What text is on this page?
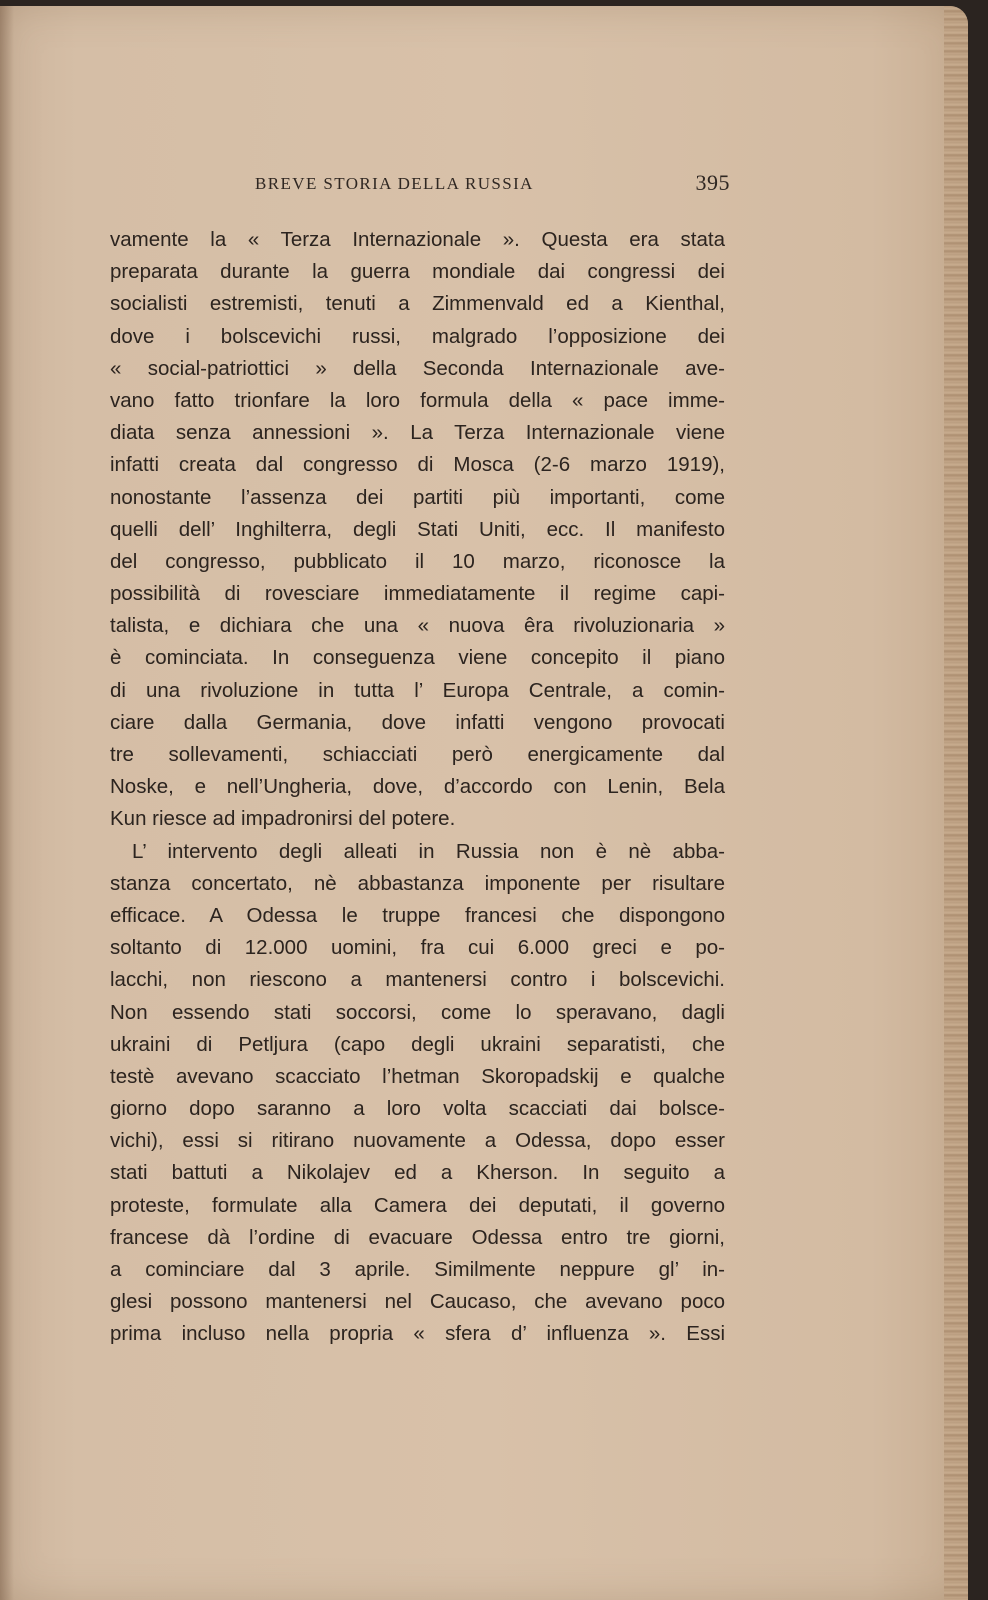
BREVE STORIA DELLA RUSSIA	395
vamente la « Terza Internazionale ». Questa era stata
preparata durante la guerra mondiale dai congressi dei
socialisti estremisti, tenuti a Zimmenvald ed a Kienthal,
dove i bolscevichi russi, malgrado l’opposizione dei
« social-patriottici » della Seconda Internazionale ave-
vano fatto trionfare la loro formula della « pace imme-
diata senza annessioni ». La Terza Internazionale viene
infatti creata dal congresso di Mosca (2-6 marzo 1919),
nonostante l’assenza dei partiti più importanti, come
quelli dell’ Inghilterra, degli Stati Uniti, ecc. Il manifesto
del congresso, pubblicato il 10 marzo, riconosce la
possibilità di rovesciare immediatamente il regime capi-
talista, e dichiara che una « nuova êra rivoluzionaria »
è cominciata. In conseguenza viene concepito il piano
di una rivoluzione in tutta l’ Europa Centrale, a comin-
ciare dalla Germania, dove infatti vengono provocati
tre sollevamenti, schiacciati però energicamente dal
Noske, e nell’Ungheria, dove, d’accordo con Lenin, Bela
Kun riesce ad impadronirsi del potere.
L’ intervento degli alleati in Russia non è nè abba-
stanza concertato, nè abbastanza imponente per risultare
efficace. A Odessa le truppe francesi che dispongono
soltanto di 12.000 uomini, fra cui 6.000 greci e po-
lacchi, non riescono a mantenersi contro i bolscevichi.
Non essendo stati soccorsi, come lo speravano, dagli
ukraini di Petljura (capo degli ukraini separatisti, che
testè avevano scacciato l’hetman Skoropadskij e qualche
giorno dopo saranno a loro volta scacciati dai bolsce-
vichi), essi si ritirano nuovamente a Odessa, dopo esser
stati battuti a Nikolajev ed a Kherson. In seguito a
proteste, formulate alla Camera dei deputati, il governo
francese dà l’ordine di evacuare Odessa entro tre giorni,
a cominciare dal 3 aprile. Similmente neppure gl’ in-
glesi possono mantenersi nel Caucaso, che avevano poco
prima incluso nella propria « sfera d’ influenza ». Essi
